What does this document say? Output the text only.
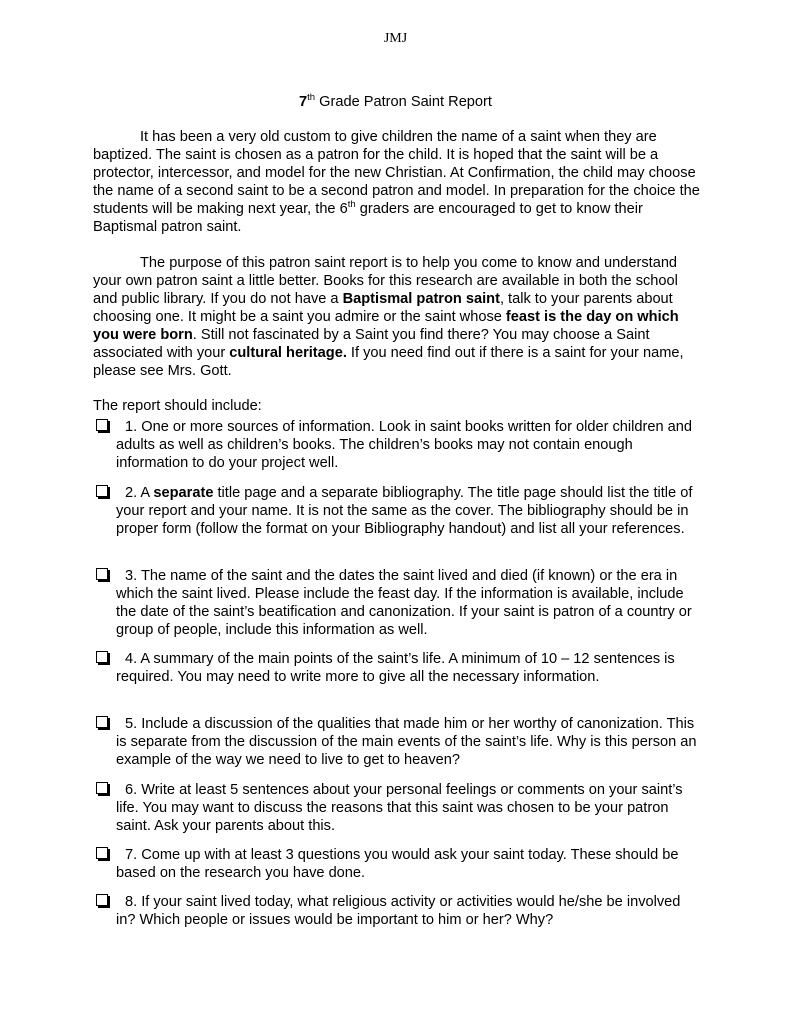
JMJ
7th Grade Patron Saint Report

It has been a very old custom to give children the name of a saint when they are baptized. The saint is chosen as a patron for the child. It is hoped that the saint will be a protector, intercessor, and model for the new Christian. At Confirmation, the child may choose the name of a second saint to be a second patron and model. In preparation for the choice the students will be making next year, the 6th graders are encouraged to get to know their Baptismal patron saint.

The purpose of this patron saint report is to help you come to know and understand your own patron saint a little better. Books for this research are available in both the school and public library. If you do not have a Baptismal patron saint, talk to your parents about choosing one. It might be a saint you admire or the saint whose feast is the day on which you were born. Still not fascinated by a Saint you find there? You may choose a Saint associated with your cultural heritage. If you need find out if there is a saint for your name, please see Mrs. Gott.

The report should include:
1. One or more sources of information. Look in saint books written for older children and adults as well as children’s books. The children’s books may not contain enough information to do your project well.
2. A separate title page and a separate bibliography. The title page should list the title of your report and your name. It is not the same as the cover. The bibliography should be in proper form (follow the format on your Bibliography handout) and list all your references.
3. The name of the saint and the dates the saint lived and died (if known) or the era in which the saint lived. Please include the feast day. If the information is available, include the date of the saint’s beatification and canonization. If your saint is patron of a country or group of people, include this information as well.
4. A summary of the main points of the saint’s life. A minimum of 10 – 12 sentences is required. You may need to write more to give all the necessary information.
5. Include a discussion of the qualities that made him or her worthy of canonization. This is separate from the discussion of the main events of the saint’s life. Why is this person an example of the way we need to live to get to heaven?
6. Write at least 5 sentences about your personal feelings or comments on your saint’s life. You may want to discuss the reasons that this saint was chosen to be your patron saint. Ask your parents about this.
7. Come up with at least 3 questions you would ask your saint today. These should be based on the research you have done.
8. If your saint lived today, what religious activity or activities would he/she be involved in? Which people or issues would be important to him or her? Why?
